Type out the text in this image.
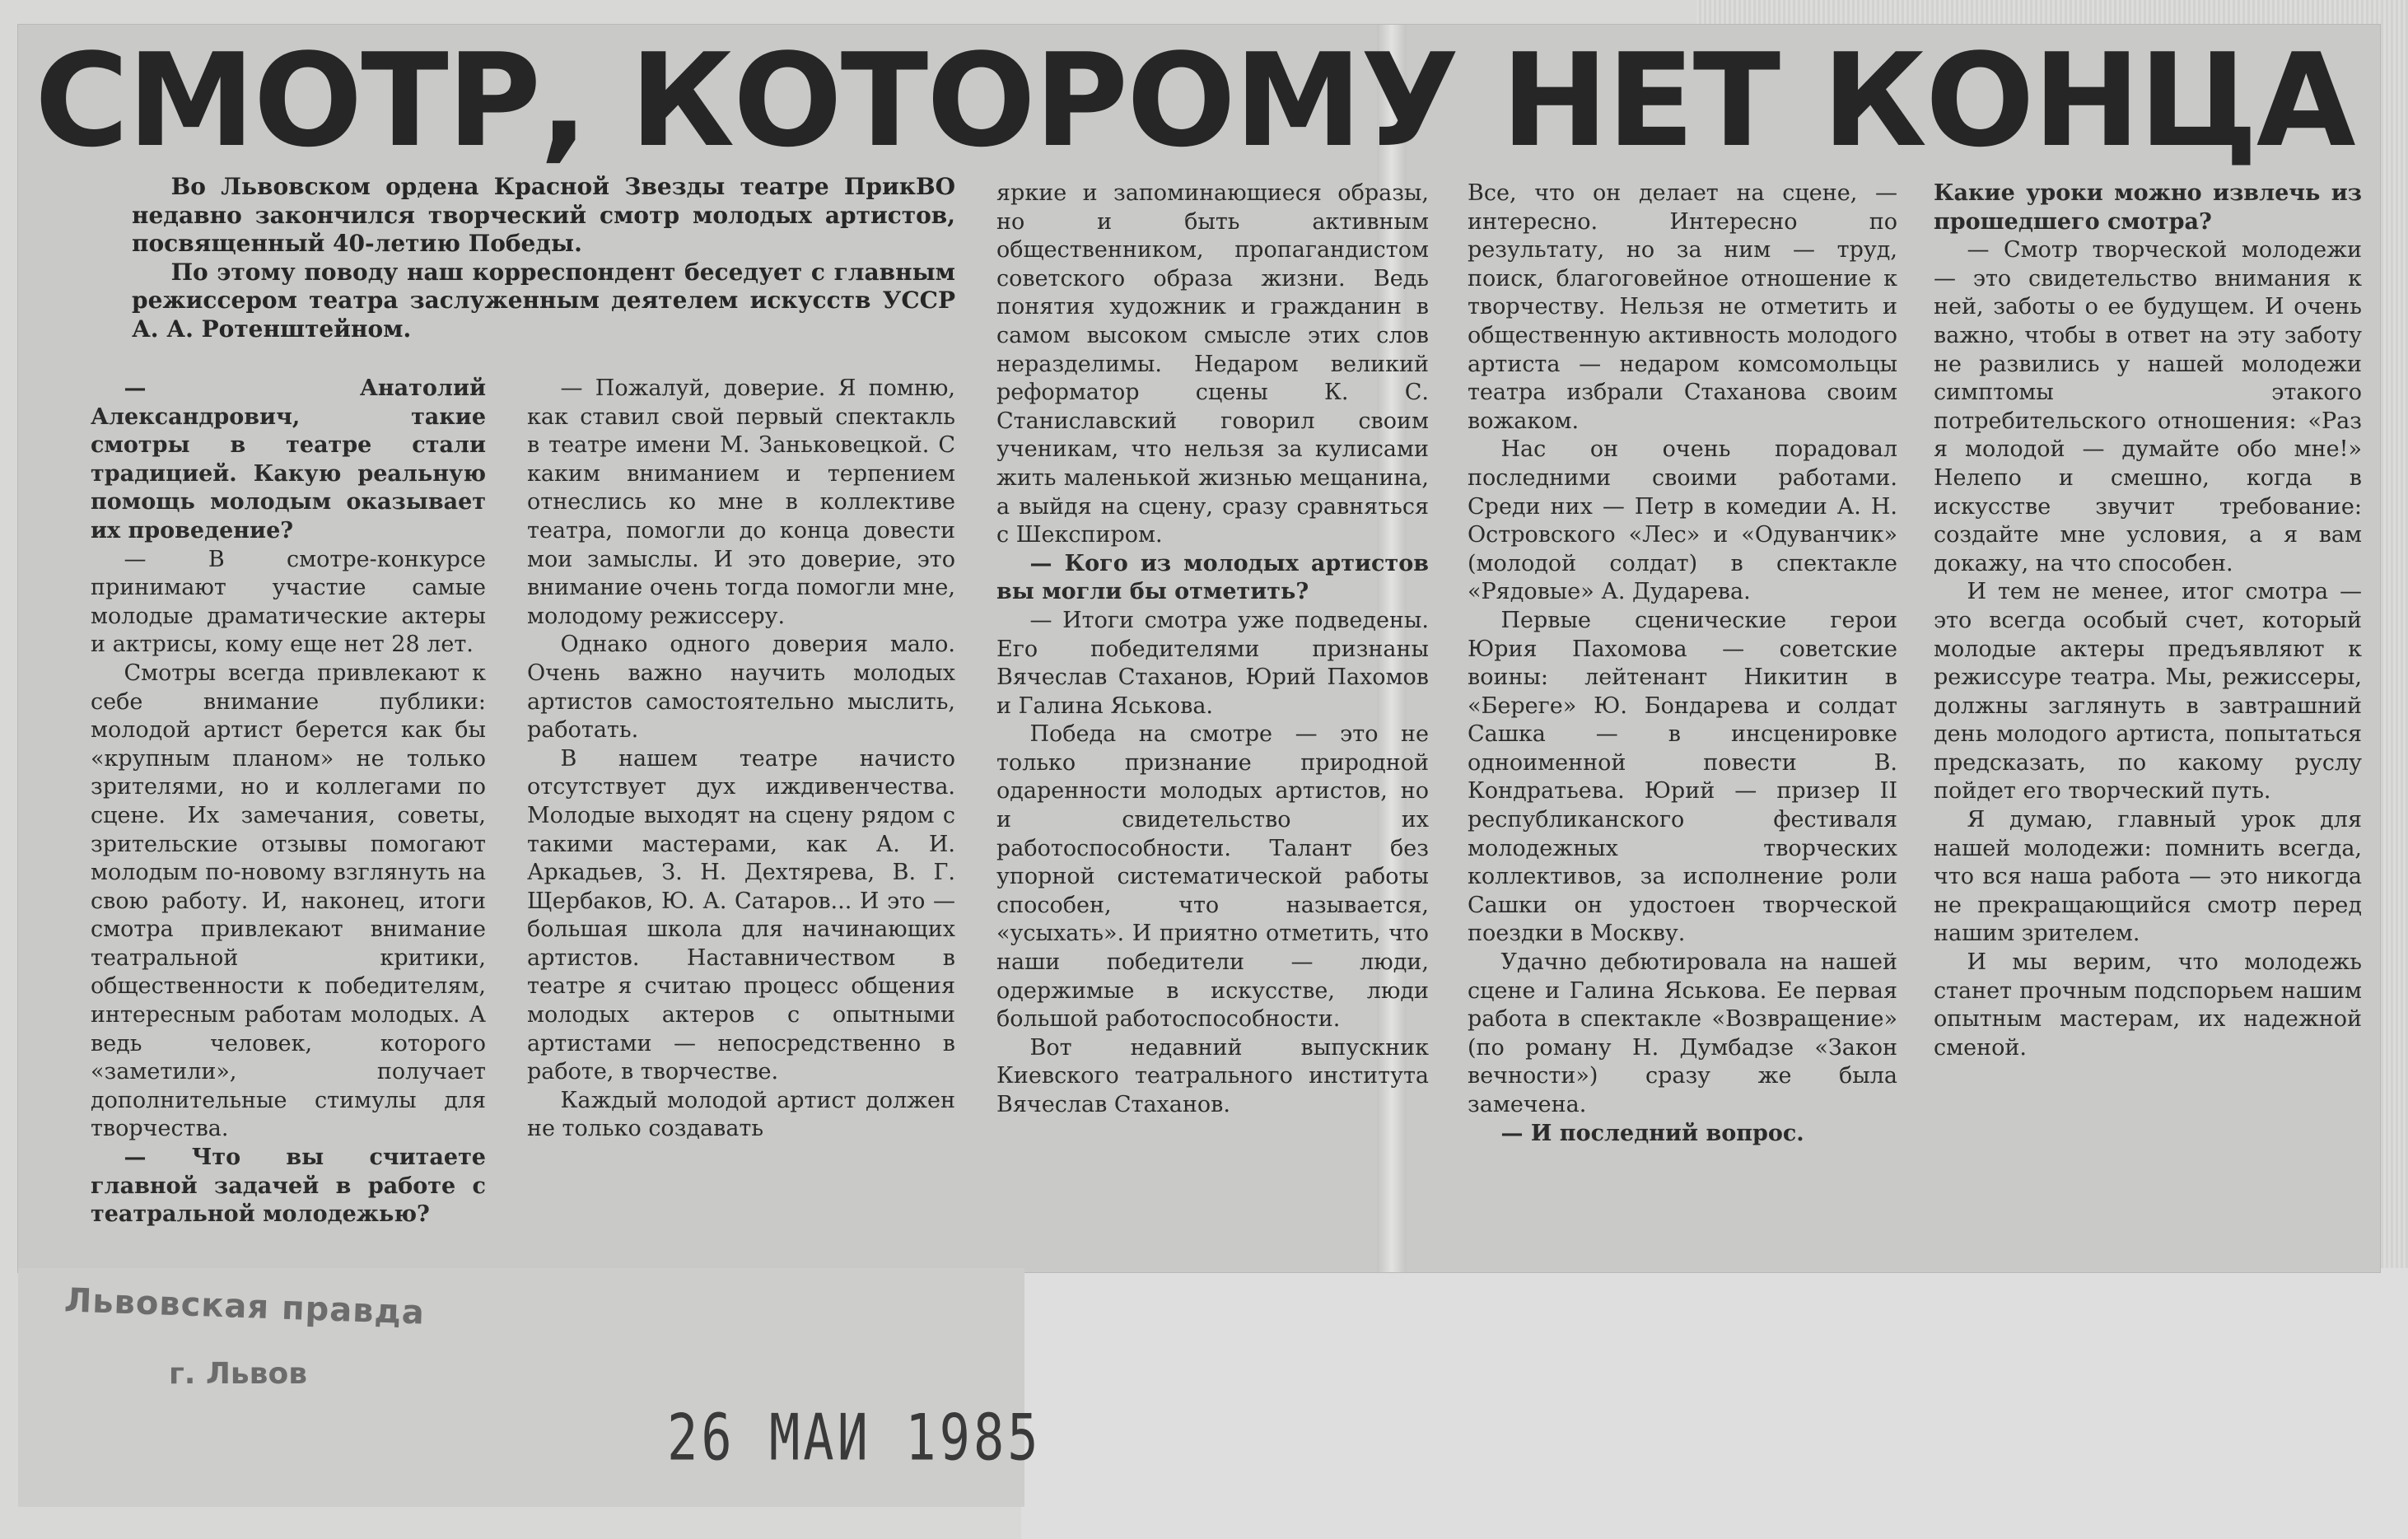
СМОТР, КОТОРОМУ НЕТ КОНЦА

Во Львовском ордена Красной Звезды театре ПрикВО недавно закончился творческий смотр молодых артистов, посвященный 40-летию Победы.

По этому поводу наш корреспондент беседует с главным режиссером театра заслуженным деятелем искусств УССР А. А. Ротенштейном.

— Анатолий Александрович, такие смотры в театре стали традицией. Какую реальную помощь молодым оказывает их проведение?

— В смотре-конкурсе принимают участие самые молодые драматические актеры и актрисы, кому еще нет 28 лет.

Смотры всегда привлекают к себе внимание публики: молодой артист берется как бы «крупным планом» не только зрителями, но и коллегами по сцене. Их замечания, советы, зрительские отзывы помогают молодым по-новому взглянуть на свою работу. И, наконец, итоги смотра привлекают внимание театральной критики, общественности к победителям, интересным работам молодых. А ведь человек, которого «заметили», получает дополнительные стимулы для творчества.

— Что вы считаете главной задачей в работе с театральной молодежью?

— Пожалуй, доверие. Я помню, как ставил свой первый спектакль в театре имени М. Заньковецкой. С каким вниманием и терпением отнеслись ко мне в коллективе театра, помогли до конца довести мои замыслы. И это доверие, это внимание очень тогда помогли мне, молодому режиссеру.

Однако одного доверия мало. Очень важно научить молодых артистов самостоятельно мыслить, работать.

В нашем театре начисто отсутствует дух иждивенчества. Молодые выходят на сцену рядом с такими мастерами, как А. И. Аркадьев, З. Н. Дехтярева, В. Г. Щербаков, Ю. А. Сатаров... И это — большая школа для начинающих артистов. Наставничеством в театре я считаю процесс общения молодых актеров с опытными артистами — непосредственно в работе, в творчестве.

Каждый молодой артист должен не только создавать

яркие и запоминающиеся образы, но и быть активным общественником, пропагандистом советского образа жизни. Ведь понятия художник и гражданин в самом высоком смысле этих слов неразделимы. Недаром великий реформатор сцены К. С. Станиславский говорил своим ученикам, что нельзя за кулисами жить маленькой жизнью мещанина, а выйдя на сцену, сразу сравняться с Шекспиром.

— Кого из молодых артистов вы могли бы отметить?

— Итоги смотра уже подведены. Его победителями признаны Вячеслав Стаханов, Юрий Пахомов и Галина Яськова.

Победа на смотре — это не только признание природной одаренности молодых артистов, но и свидетельство их работоспособности. Талант без упорной систематической работы способен, что называется, «усыхать». И приятно отметить, что наши победители — люди, одержимые в искусстве, люди большой работоспособности.

Вот недавний выпускник Киевского театрального института Вячеслав Стаханов.

Все, что он делает на сцене, — интересно. Интересно по результату, но за ним — труд, поиск, благоговейное отношение к творчеству. Нельзя не отметить и общественную активность молодого артиста — недаром комсомольцы театра избрали Стаханова своим вожаком.

Нас он очень порадовал последними своими работами. Среди них — Петр в комедии А. Н. Островского «Лес» и «Одуванчик» (молодой солдат) в спектакле «Рядовые» А. Дударева.

Первые сценические герои Юрия Пахомова — советские воины: лейтенант Никитин в «Береге» Ю. Бондарева и солдат Сашка — в инсценировке одноименной повести В. Кондратьева. Юрий — призер II республиканского фестиваля молодежных творческих коллективов, за исполнение роли Сашки он удостоен творческой поездки в Москву.

Удачно дебютировала на нашей сцене и Галина Яськова. Ее первая работа в спектакле «Возвращение» (по роману Н. Думбадзе «Закон вечности») сразу же была замечена.

— И последний вопрос.

Какие уроки можно извлечь из прошедшего смотра?

— Смотр творческой молодежи — это свидетельство внимания к ней, заботы о ее будущем. И очень важно, чтобы в ответ на эту заботу не развились у нашей молодежи симптомы этакого потребительского отношения: «Раз я молодой — думайте обо мне!» Нелепо и смешно, когда в искусстве звучит требование: создайте мне условия, а я вам докажу, на что способен.

И тем не менее, итог смотра — это всегда особый счет, который молодые актеры предъявляют к режиссуре театра. Мы, режиссеры, должны заглянуть в завтрашний день молодого артиста, попытаться предсказать, по какому руслу пойдет его творческий путь.

Я думаю, главный урок для нашей молодежи: помнить всегда, что вся наша работа — это никогда не прекращающийся смотр перед нашим зрителем.

И мы верим, что молодежь станет прочным подспорьем нашим опытным мастерам, их надежной сменой.

Львовская правда
г. Львов
26 МАИ 1985
